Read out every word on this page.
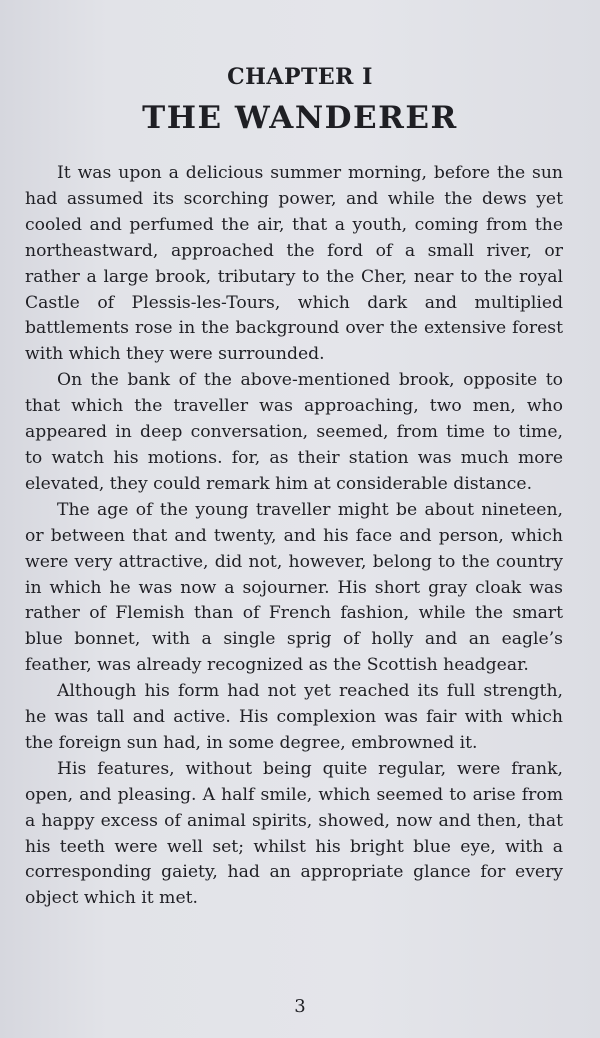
CHAPTER I
THE WANDERER

It was upon a delicious summer morning, before the sun had assumed its scorching power, and while the dews yet cooled and perfumed the air, that a youth, coming from the northeastward, approached the ford of a small river, or rather a large brook, tributary to the Cher, near to the royal Castle of Plessis-les-Tours, which dark and multiplied battlements rose in the background over the extensive forest with which they were surrounded.

On the bank of the above-mentioned brook, opposite to that which the traveller was approaching, two men, who appeared in deep conversation, seemed, from time to time, to watch his motions. for, as their station was much more elevated, they could remark him at considerable distance.

The age of the young traveller might be about nineteen, or between that and twenty, and his face and person, which were very attractive, did not, however, belong to the country in which he was now a sojourner. His short gray cloak was rather of Flemish than of French fashion, while the smart blue bonnet, with a single sprig of holly and an eagle’s feather, was already recognized as the Scottish headgear.

Although his form had not yet reached its full strength, he was tall and active. His complexion was fair with which the foreign sun had, in some degree, embrowned it.

His features, without being quite regular, were frank, open, and pleasing. A half smile, which seemed to arise from a happy excess of animal spirits, showed, now and then, that his teeth were well set; whilst his bright blue eye, with a corresponding gaiety, had an appropriate glance for every object which it met.

3
